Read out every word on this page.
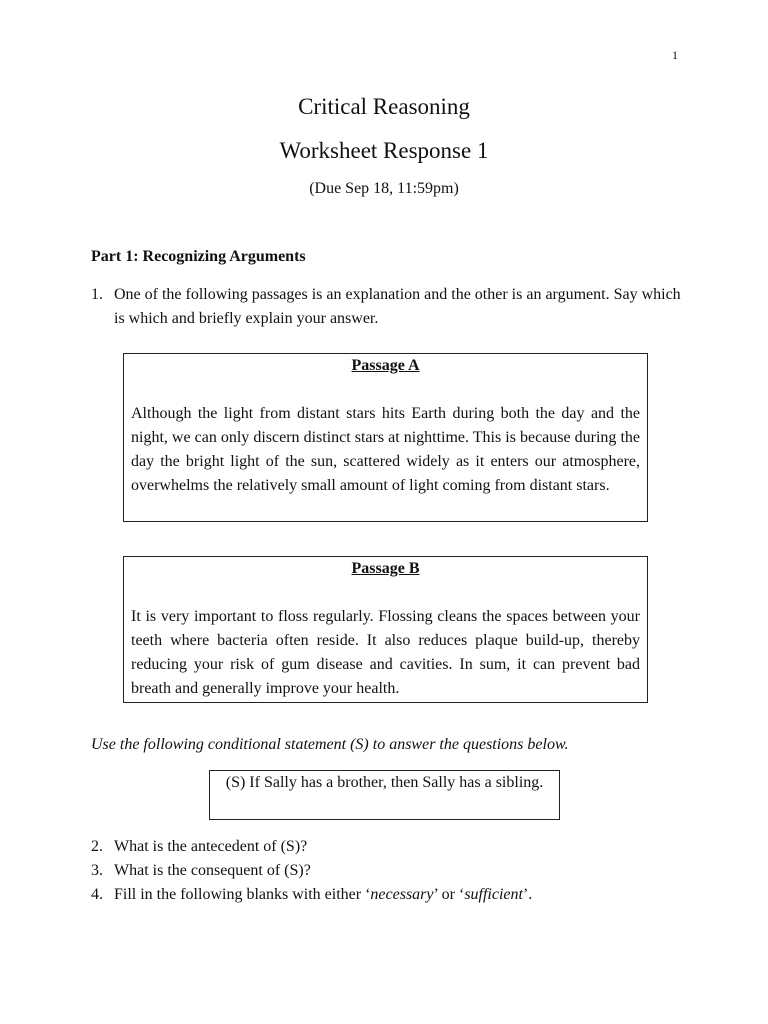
1
Critical Reasoning
Worksheet Response 1
(Due Sep 18, 11:59pm)
Part 1: Recognizing Arguments
1. One of the following passages is an explanation and the other is an argument. Say which is which and briefly explain your answer.
Passage A
Although the light from distant stars hits Earth during both the day and the night, we can only discern distinct stars at nighttime. This is because during the day the bright light of the sun, scattered widely as it enters our atmosphere, overwhelms the relatively small amount of light coming from distant stars.
Passage B
It is very important to floss regularly. Flossing cleans the spaces between your teeth where bacteria often reside. It also reduces plaque build-up, thereby reducing your risk of gum disease and cavities. In sum, it can prevent bad breath and generally improve your health.
Use the following conditional statement (S) to answer the questions below.
(S) If Sally has a brother, then Sally has a sibling.
2. What is the antecedent of (S)?
3. What is the consequent of (S)?
4. Fill in the following blanks with either ‘necessary’ or ‘sufficient’.
